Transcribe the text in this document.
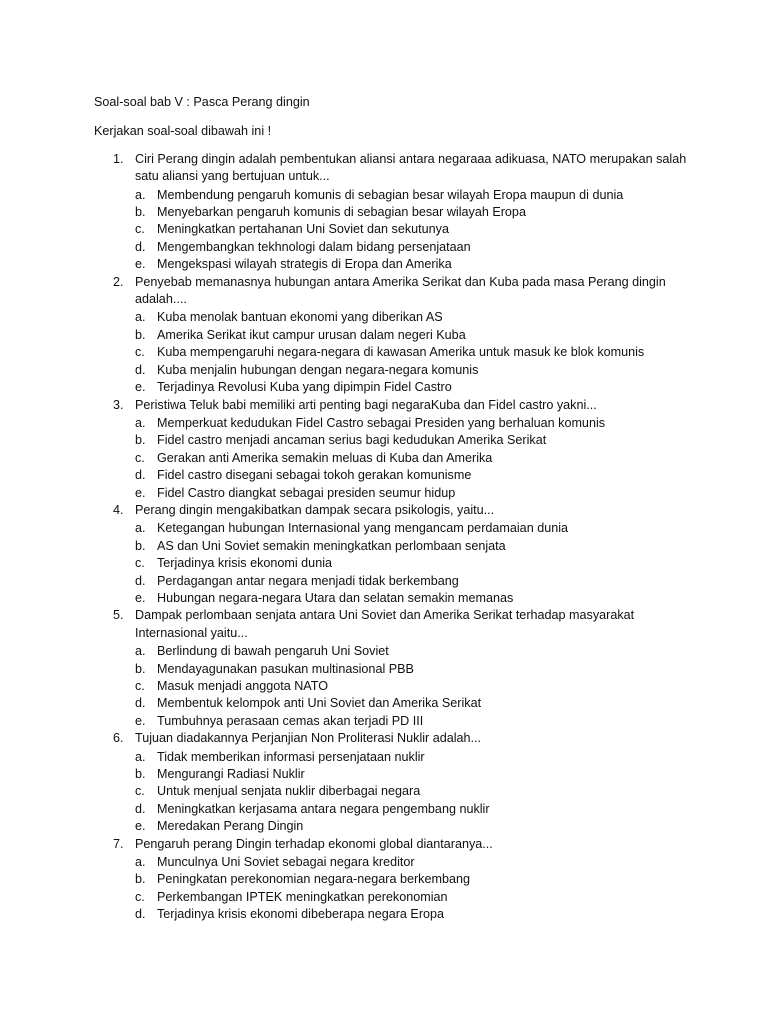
Soal-soal bab V : Pasca Perang dingin
Kerjakan soal-soal dibawah ini !
1. Ciri Perang dingin adalah pembentukan aliansi antara negaraaa adikuasa, NATO merupakan salah satu aliansi yang bertujuan untuk...
a. Membendung pengaruh komunis di sebagian besar wilayah Eropa maupun di dunia
b. Menyebarkan pengaruh komunis di sebagian besar wilayah Eropa
c. Meningkatkan pertahanan Uni Soviet dan sekutunya
d. Mengembangkan tekhnologi dalam bidang persenjataan
e. Mengekspasi wilayah strategis di Eropa dan Amerika
2. Penyebab memanasnya hubungan antara Amerika Serikat dan Kuba pada masa Perang dingin adalah....
a. Kuba menolak bantuan ekonomi yang diberikan AS
b. Amerika Serikat ikut campur urusan dalam negeri Kuba
c. Kuba mempengaruhi negara-negara di kawasan Amerika untuk masuk ke blok komunis
d. Kuba menjalin hubungan dengan negara-negara komunis
e. Terjadinya Revolusi Kuba yang dipimpin Fidel Castro
3. Peristiwa Teluk babi memiliki arti penting bagi negaraKuba dan Fidel castro yakni...
a. Memperkuat kedudukan Fidel Castro sebagai Presiden yang berhaluan komunis
b. Fidel castro menjadi ancaman serius bagi kedudukan Amerika Serikat
c. Gerakan anti Amerika semakin meluas di Kuba dan Amerika
d. Fidel castro disegani sebagai tokoh gerakan komunisme
e. Fidel Castro diangkat sebagai presiden seumur hidup
4. Perang dingin mengakibatkan dampak secara psikologis, yaitu...
a. Ketegangan hubungan Internasional yang mengancam perdamaian dunia
b. AS dan Uni Soviet semakin meningkatkan perlombaan senjata
c. Terjadinya krisis ekonomi dunia
d. Perdagangan antar negara menjadi tidak berkembang
e. Hubungan negara-negara Utara dan selatan semakin memanas
5. Dampak perlombaan senjata antara Uni Soviet dan Amerika Serikat terhadap masyarakat Internasional yaitu...
a. Berlindung di bawah pengaruh Uni Soviet
b. Mendayagunakan pasukan multinasional PBB
c. Masuk menjadi anggota NATO
d. Membentuk kelompok anti Uni Soviet dan Amerika Serikat
e. Tumbuhnya perasaan cemas akan terjadi PD III
6. Tujuan diadakannya Perjanjian Non Proliterasi Nuklir adalah...
a. Tidak memberikan informasi persenjataan nuklir
b. Mengurangi Radiasi Nuklir
c. Untuk menjual senjata nuklir diberbagai negara
d. Meningkatkan kerjasama antara negara pengembang nuklir
e. Meredakan Perang Dingin
7. Pengaruh perang Dingin terhadap ekonomi global diantaranya...
a. Munculnya Uni Soviet sebagai negara kreditor
b. Peningkatan perekonomian negara-negara berkembang
c. Perkembangan IPTEK meningkatkan perekonomian
d. Terjadinya krisis ekonomi dibeberapa negara Eropa
